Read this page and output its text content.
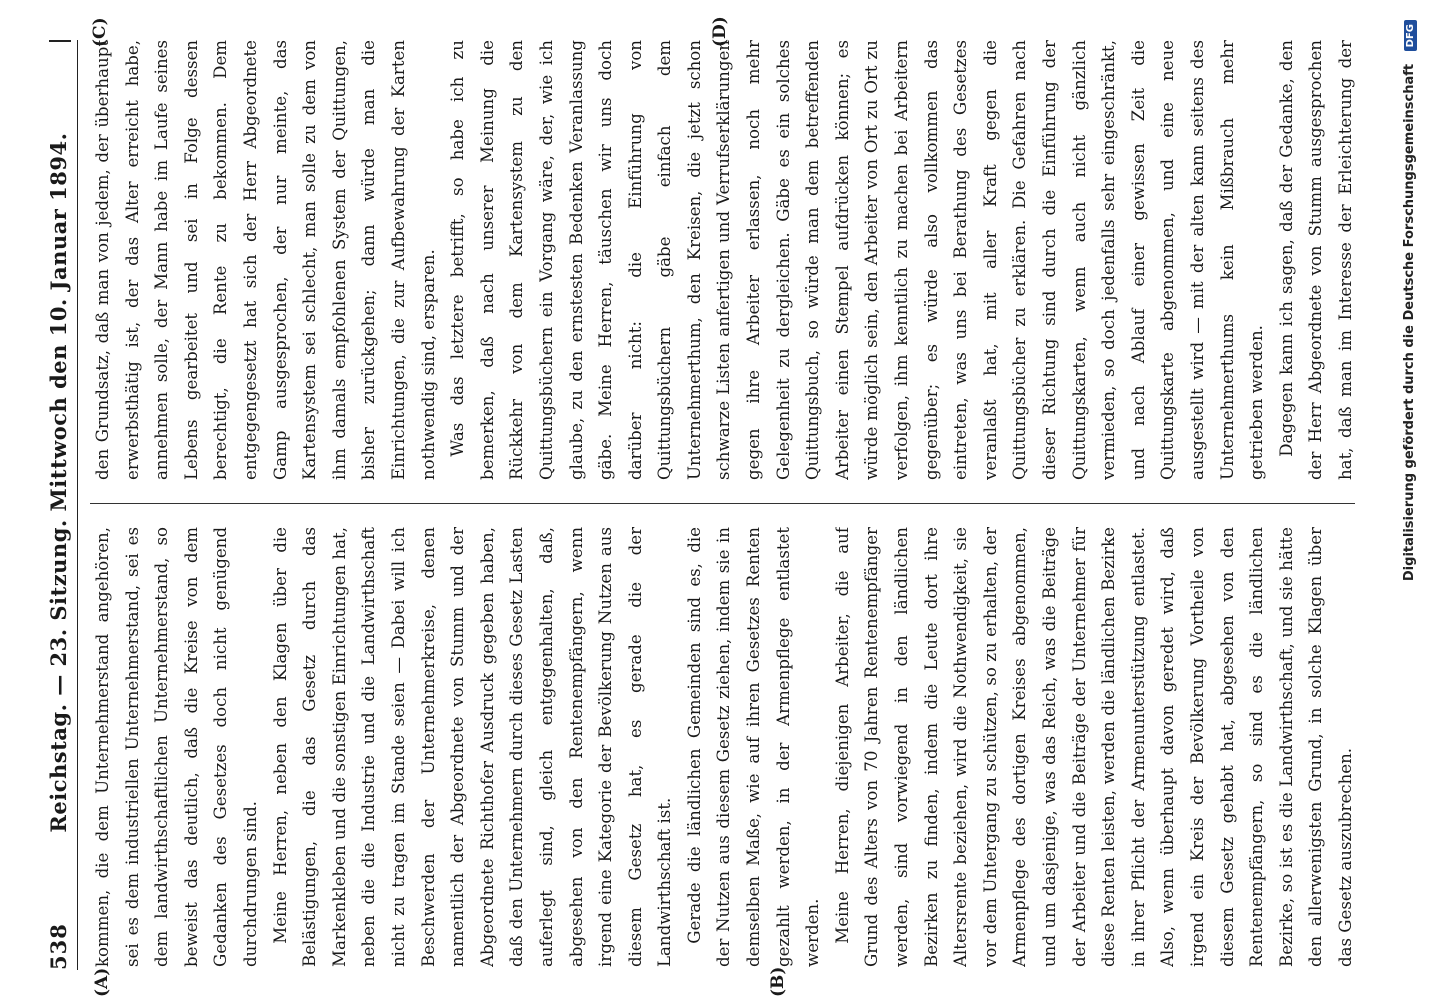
538
Reichstag. — 23. Sitzung. Mittwoch den 10. Januar 1894.
(A)	(B)
(C)	(D)

kommen, die dem Unternehmerstand angehören, sei es dem industriellen Unternehmerstand, sei es dem landwirthschaftlichen Unternehmerstand, so beweist das deutlich, daß die Kreise von dem Gedanken des Gesetzes doch nicht genügend durchdrungen sind. Meine Herren, neben den Klagen über die Belästigungen, die das Gesetz durch das Markenkleben und die sonstigen Einrichtungen hat, neben die die Industrie und die Landwirthschaft nicht zu tragen im Stande seien — Dabei will ich Beschwerden der Unternehmerkreise, denen namentlich der Abgeordnete von Stumm und der Abgeordnete Richthofer Ausdruck gegeben haben, daß den Unternehmern durch dieses Gesetz Lasten auferlegt sind, gleich entgegenhalten, daß, abgesehen von den Rentenempfängern, wenn irgend eine Kategorie der Bevölkerung Nutzen aus diesem Gesetz hat, es gerade die der Landwirthschaft ist. Gerade die ländlichen Gemeinden sind es, die der Nutzen aus diesem Gesetz ziehen, indem sie in demselben Maße, wie auf ihren Gesetzes Renten gezahlt werden, in der Armenpflege entlastet werden. Meine Herren, diejenigen Arbeiter, die auf Grund des Alters von 70 Jahren Rentenempfänger werden, sind vorwiegend in den ländlichen Bezirken zu finden, indem die Leute dort ihre Altersrente beziehen, wird die Nothwendigkeit, sie vor dem Untergang zu schützen, so zu erhalten, der Armenpflege des dortigen Kreises abgenommen, und um dasjenige, was das Reich, was die Beiträge der Arbeiter und die Beiträge der Unternehmer für diese Renten leisten, werden die ländlichen Bezirke in ihrer Pflicht der Armenunterstützung entlastet. Also, wenn überhaupt davon geredet wird, daß irgend ein Kreis der Bevölkerung Vortheile von diesem Gesetz gehabt hat, abgesehen von den Rentenempfängern, so sind es die ländlichen Bezirke, so ist es die Landwirthschaft, und sie hätte den allerwenigsten Grund, in solche Klagen über das Gesetz auszubrechen.

den Grundsatz, daß man von jedem, der überhaupt erwerbsthätig ist, der das Alter erreicht habe, annehmen solle, der Mann habe im Laufe seines Lebens gearbeitet und sei in Folge dessen berechtigt, die Rente zu bekommen. Dem entgegengesetzt hat sich der Herr Abgeordnete Gamp ausgesprochen, der nur meinte, das Kartensystem sei schlecht, man solle zu dem von ihm damals empfohlenen System der Quittungen, bisher zurückgehen; dann würde man die Einrichtungen, die zur Aufbewahrung der Karten nothwendig sind, ersparen. Was das letztere betrifft, so habe ich zu bemerken, daß nach unserer Meinung die Rückkehr von dem Kartensystem zu den Quittungsbüchern ein Vorgang wäre, der, wie ich glaube, zu den ernstesten Bedenken Veranlassung gäbe. Meine Herren, täuschen wir uns doch darüber nicht: die Einführung von Quittungsbüchern gäbe einfach dem Unternehmerthum, den Kreisen, die jetzt schon schwarze Listen anfertigen und Verrufserklärungen gegen ihre Arbeiter erlassen, noch mehr Gelegenheit zu dergleichen. Gäbe es ein solches Quittungsbuch, so würde man dem betreffenden Arbeiter einen Stempel aufdrücken können; es würde möglich sein, den Arbeiter von Ort zu Ort zu verfolgen, ihm kenntlich zu machen bei Arbeitern gegenüber; es würde also vollkommen das eintreten, was uns bei Berathung des Gesetzes veranlaßt hat, mit aller Kraft gegen die Quittungsbücher zu erklären. Die Gefahren nach dieser Richtung sind durch die Einführung der Quittungskarten, wenn auch nicht gänzlich vermieden, so doch jedenfalls sehr eingeschränkt, und nach Ablauf einer gewissen Zeit die Quittungskarte abgenommen, und eine neue ausgestellt wird — mit der alten kann seitens des Unternehmerthums kein Mißbrauch mehr getrieben werden. Dagegen kann ich sagen, daß der Gedanke, den der Herr Abgeordnete von Stumm ausgesprochen hat, daß man im Interesse der Erleichterung der

Digitalisierung gefördert durch die Deutsche Forschungsgemeinschaft DFG
